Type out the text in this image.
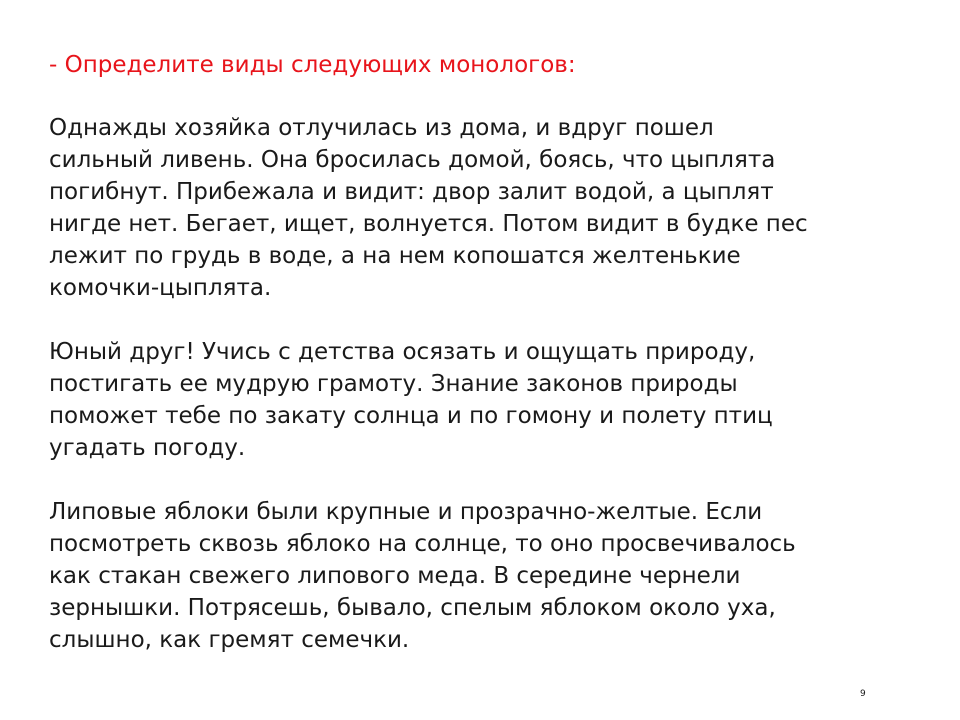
- Определите виды следующих монологов:
Однажды хозяйка отлучилась из дома, и вдруг пошел
сильный ливень. Она бросилась домой, боясь, что цыплята
погибнут. Прибежала и видит: двор залит водой, а цыплят
нигде нет. Бегает, ищет, волнуется. Потом видит в будке пес
лежит по грудь в воде, а на нем копошатся желтенькие
комочки-цыплята.
Юный друг! Учись с детства осязать и ощущать природу,
постигать ее мудрую грамоту. Знание законов природы
поможет тебе по закату солнца и по гомону и полету птиц
угадать погоду.
Липовые яблоки были крупные и прозрачно-желтые. Если
посмотреть сквозь яблоко на солнце, то оно просвечивалось
как стакан свежего липового меда. В середине чернели
зернышки. Потрясешь, бывало, спелым яблоком около уха,
слышно, как гремят семечки.
9
